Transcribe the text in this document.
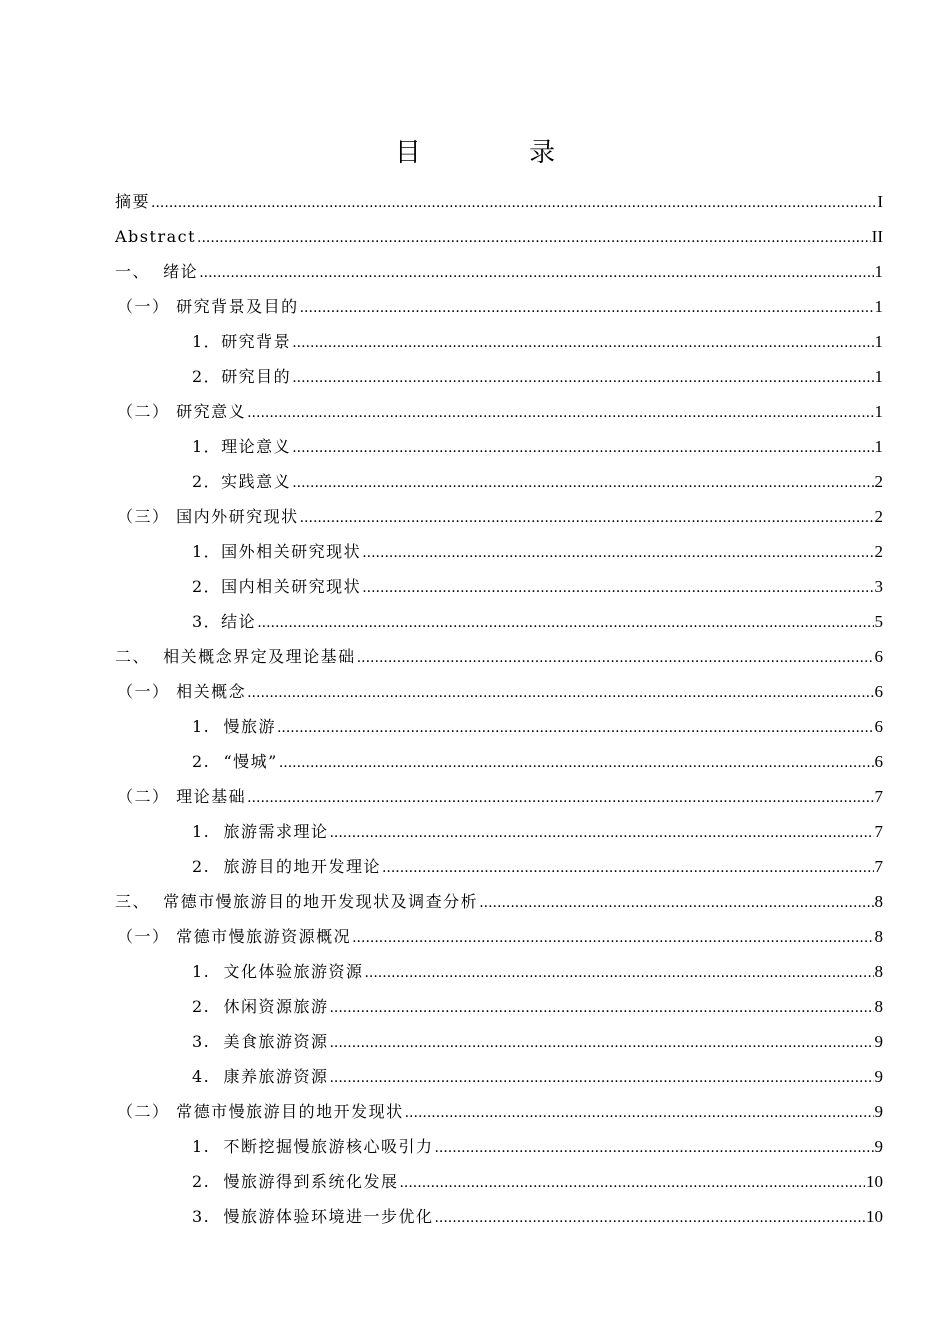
目 录
摘要 .....	I
Abstract .....	II
一、  绪论 .....	1
（一） 研究背景及目的 .....	1
1．研究背景 .....	1
2．研究目的 .....	1
（二） 研究意义 .....	1
1．理论意义 .....	1
2．实践意义 .....	2
（三） 国内外研究现状 .....	2
1．国外相关研究现状 .....	2
2．国内相关研究现状 .....	3
3．结论 .....	5
二、  相关概念界定及理论基础 .....	6
（一） 相关概念 .....	6
1.  慢旅游 .....	6
2.  “慢城” .....	6
（二） 理论基础 .....	7
1.  旅游需求理论 .....	7
2.  旅游目的地开发理论 .....	7
三、  常德市慢旅游目的地开发现状及调查分析 .....	8
（一） 常德市慢旅游资源概况 .....	8
1.  文化体验旅游资源 .....	8
2.  休闲资源旅游 .....	8
3.  美食旅游资源 .....	9
4.  康养旅游资源 .....	9
（二） 常德市慢旅游目的地开发现状 .....	9
1.  不断挖掘慢旅游核心吸引力 .....	9
2.  慢旅游得到系统化发展 .....	10
3.  慢旅游体验环境进一步优化 .....	10
